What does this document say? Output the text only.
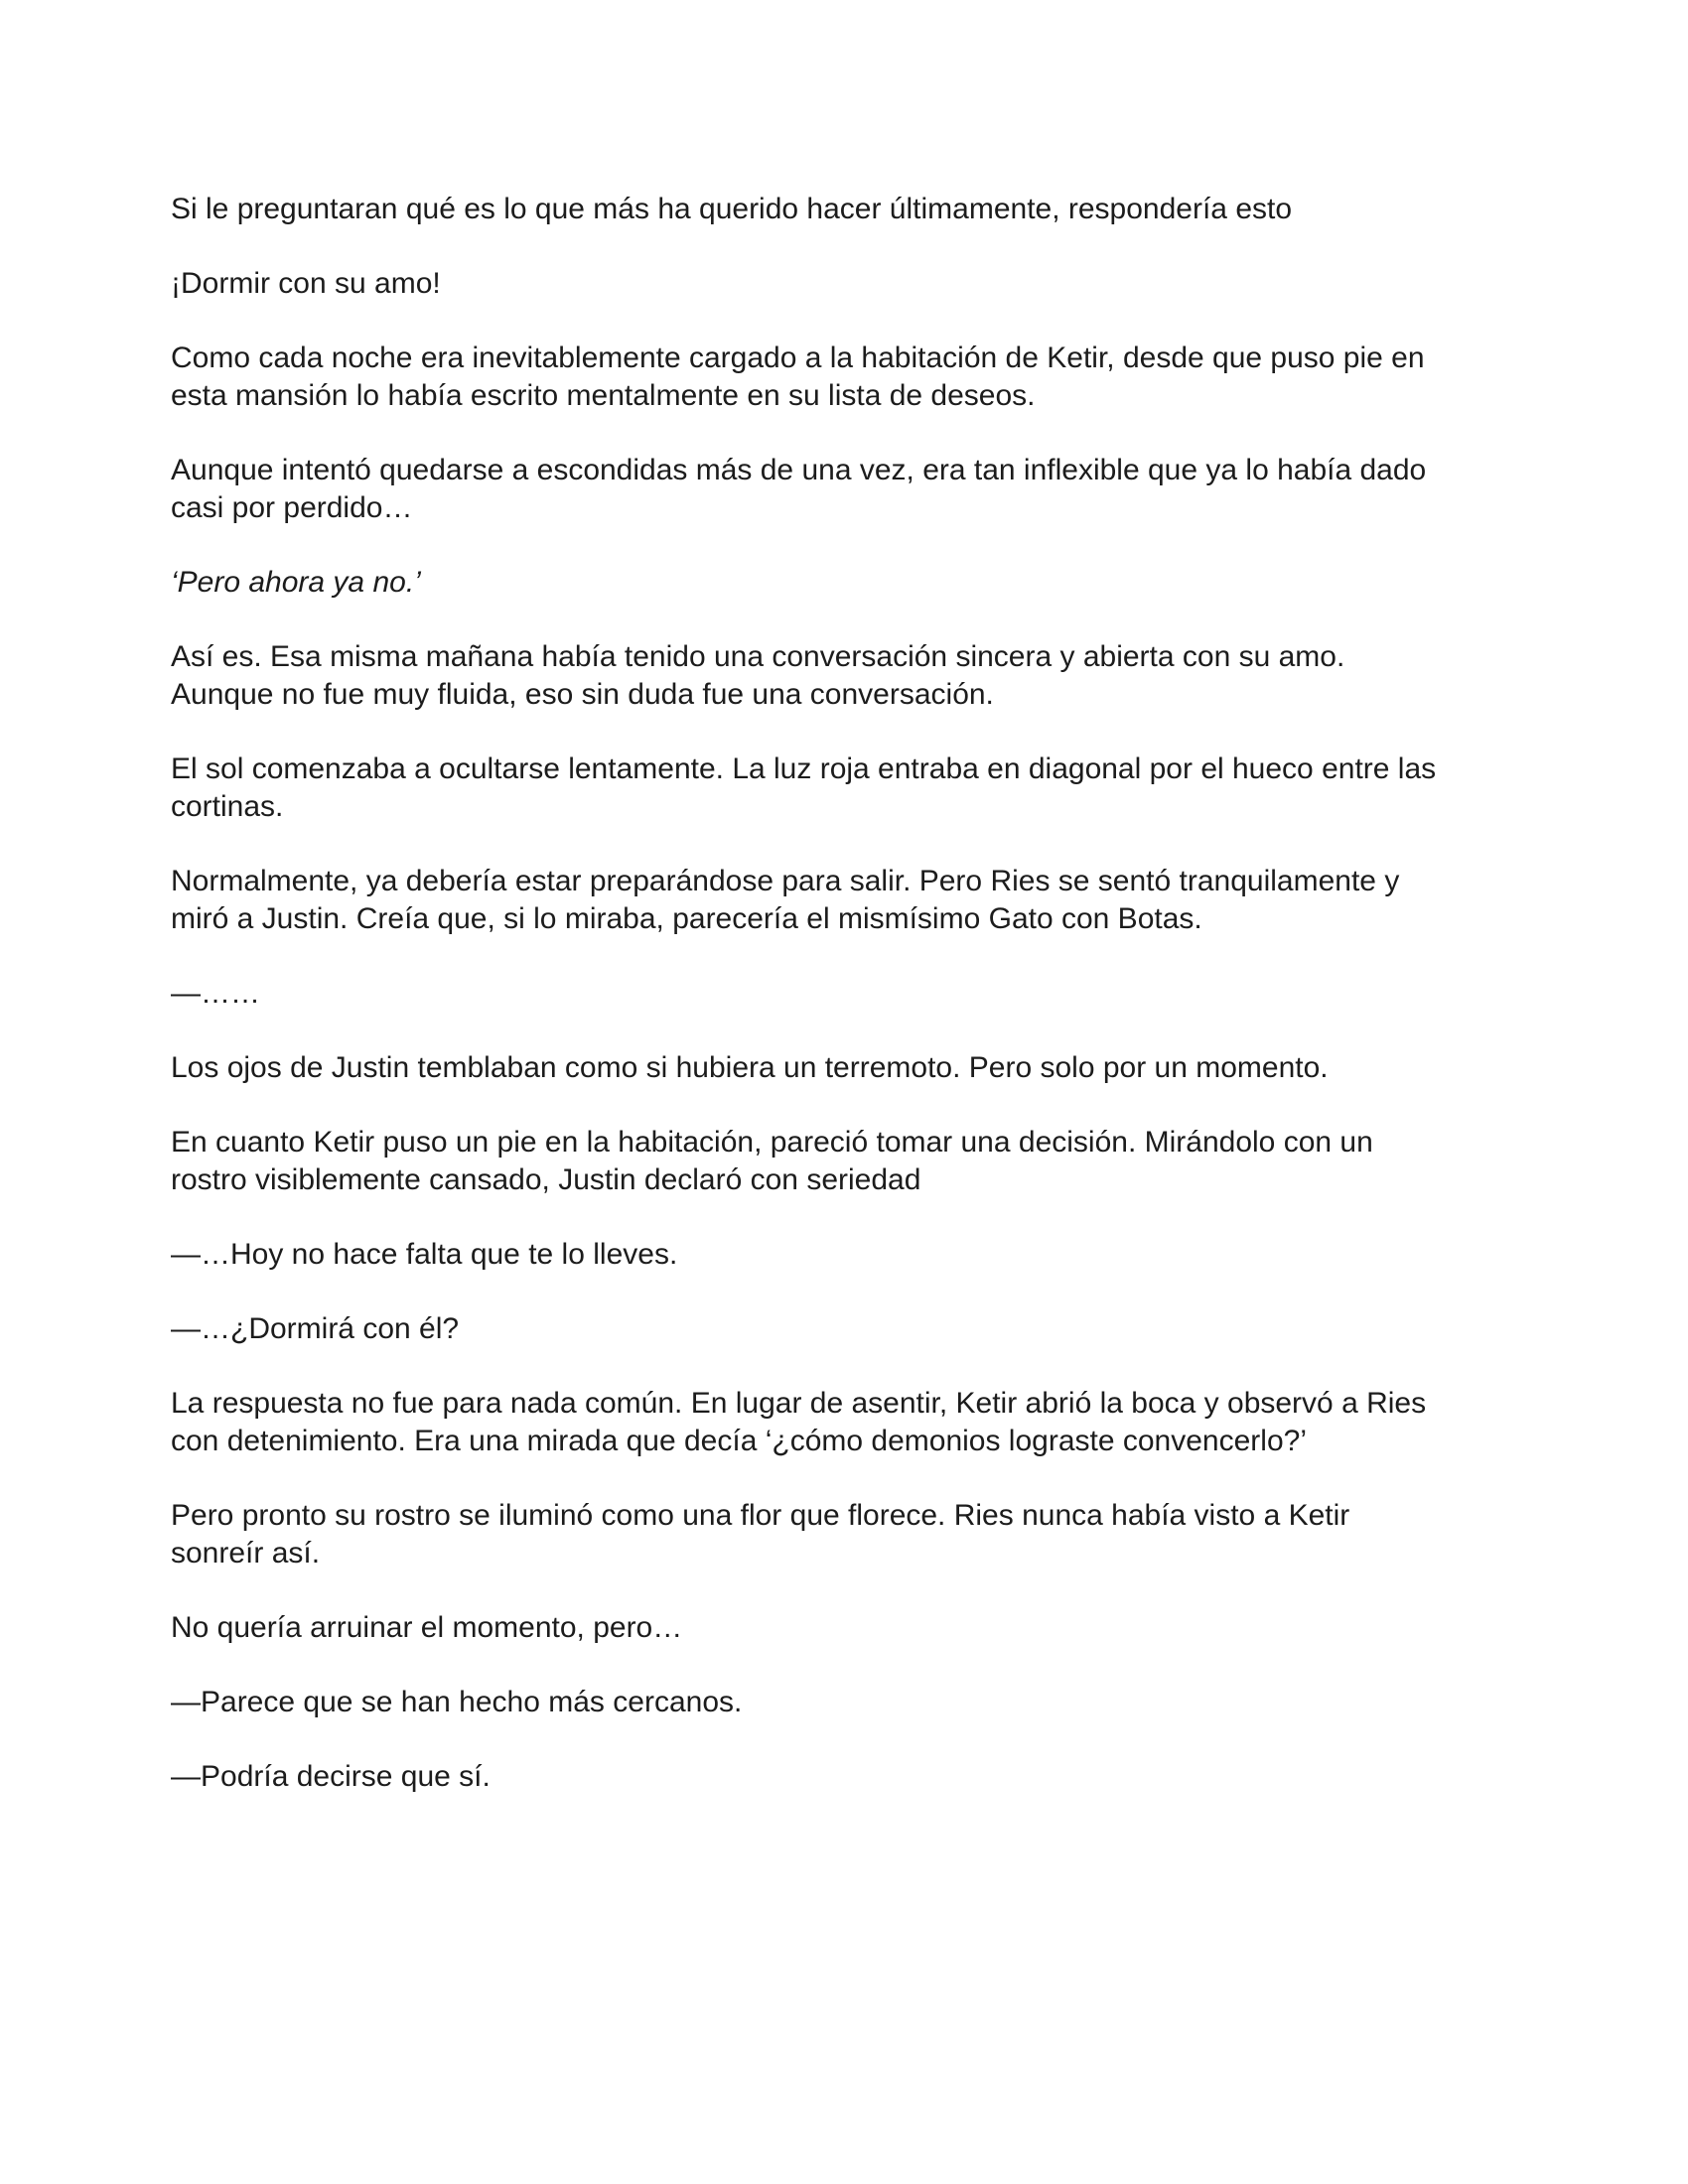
Si le preguntaran qué es lo que más ha querido hacer últimamente, respondería esto
¡Dormir con su amo!
Como cada noche era inevitablemente cargado a la habitación de Ketir, desde que puso pie en
esta mansión lo había escrito mentalmente en su lista de deseos.
Aunque intentó quedarse a escondidas más de una vez, era tan inflexible que ya lo había dado
casi por perdido…
‘Pero ahora ya no.’
Así es. Esa misma mañana había tenido una conversación sincera y abierta con su amo.
Aunque no fue muy fluida, eso sin duda fue una conversación.
El sol comenzaba a ocultarse lentamente. La luz roja entraba en diagonal por el hueco entre las
cortinas.
Normalmente, ya debería estar preparándose para salir. Pero Ries se sentó tranquilamente y
miró a Justin. Creía que, si lo miraba, parecería el mismísimo Gato con Botas.
—……
Los ojos de Justin temblaban como si hubiera un terremoto. Pero solo por un momento.
En cuanto Ketir puso un pie en la habitación, pareció tomar una decisión. Mirándolo con un
rostro visiblemente cansado, Justin declaró con seriedad
—…Hoy no hace falta que te lo lleves.
—…¿Dormirá con él?
La respuesta no fue para nada común. En lugar de asentir, Ketir abrió la boca y observó a Ries
con detenimiento. Era una mirada que decía ‘¿cómo demonios lograste convencerlo?’
Pero pronto su rostro se iluminó como una flor que florece. Ries nunca había visto a Ketir
sonreír así.
No quería arruinar el momento, pero…
—Parece que se han hecho más cercanos.
—Podría decirse que sí.
